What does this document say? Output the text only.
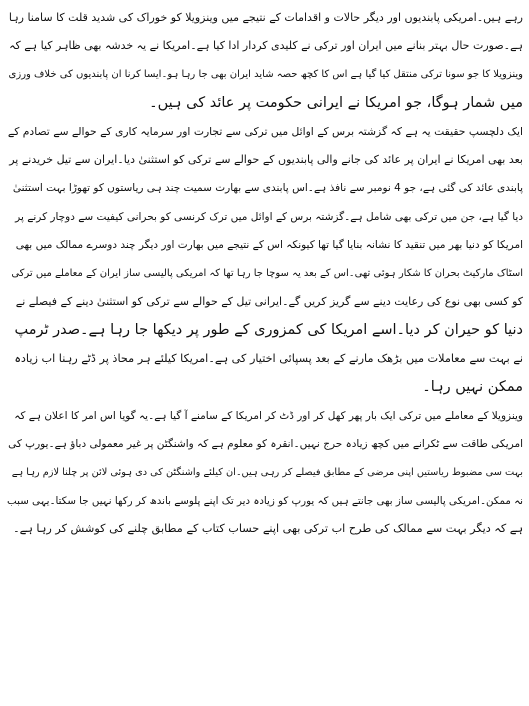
رہے ہیں۔امریکی پابندیوں اور دیگر حالات و اقدامات کے نتیجے میں وینزویلا کو خوراک کی شدید قلت کا سامنا رہا
ہے۔صورت حال بہتر بنانے میں ایران اور ترکی نے کلیدی کردار ادا کیا ہے۔امریکا نے یہ خدشہ بھی ظاہر کیا ہے کہ
وینزویلا کا جو سونا ترکی منتقل کیا گیا ہے اس کا کچھ حصہ شاید ایران بھی جا رہا ہو۔ایسا کرنا ان پابندیوں کی خلاف ورزی
میں شمار ہوگا، جو امریکا نے ایرانی حکومت پر عائد کی ہیں۔
ایک دلچسپ حقیقت یہ ہے کہ گزشتہ برس کے اوائل میں ترکی سے تجارت اور سرمایہ کاری کے حوالے سے تصادم کے
بعد بھی امریکا نے ایران پر عائد کی جانے والی پابندیوں کے حوالے سے ترکی کو استثنیٰ دیا۔ایران سے تیل خریدنے پر
پابندی عائد کی گئی ہے، جو 4 نومبر سے نافذ ہے۔اس پابندی سے بھارت سمیت چند ہی ریاستوں کو تھوڑا بہت استثنیٰ
دیا گیا ہے، جن میں ترکی بھی شامل ہے۔گزشتہ برس کے اوائل میں ترک کرنسی کو بحرانی کیفیت سے دوچار کرنے پر
امریکا کو دنیا بھر میں تنقید کا نشانہ بنایا گیا تھا کیونکہ اس کے نتیجے میں بھارت اور دیگر چند دوسرے ممالک میں بھی
اسٹاک مارکیٹ بحران کا شکار ہوئی تھی۔اس کے بعد یہ سوچا جا رہا تھا کہ امریکی پالیسی ساز ایران کے معاملے میں ترکی
کو کسی بھی نوع کی رعایت دینے سے گریز کریں گے۔ایرانی تیل کے حوالے سے ترکی کو استثنیٰ دینے کے فیصلے نے
دنیا کو حیران کر دیا۔اسے امریکا کی کمزوری کے طور پر دیکھا جا رہا ہے۔صدر ٹرمپ
نے بہت سے معاملات میں بڑھک مارنے کے بعد پسپائی اختیار کی ہے۔امریکا کیلئے ہر محاذ پر ڈٹے رہنا اب زیادہ
ممکن نہیں رہا۔
وینزویلا کے معاملے میں ترکی ایک بار پھر کھل کر اور ڈٹ کر امریکا کے سامنے آ گیا ہے۔یہ گویا اس امر کا اعلان ہے کہ
امریکی طاقت سے ٹکرانے میں کچھ زیادہ حرج نہیں۔انقرہ کو معلوم ہے کہ واشنگٹن پر غیر معمولی دباؤ ہے۔یورپ کی
بہت سی مضبوط ریاستیں اپنی مرضی کے مطابق فیصلے کر رہی ہیں۔ان کیلئے واشنگٹن کی دی ہوئی لائن پر چلنا لازم رہا ہے
نہ ممکن۔امریکی پالیسی ساز بھی جانتے ہیں کہ یورپ کو زیادہ دیر تک اپنے پلوسے باندھ کر رکھا نہیں جا سکتا۔یہی سبب
ہے کہ دیگر بہت سے ممالک کی طرح اب ترکی بھی اپنے حساب کتاب کے مطابق چلنے کی کوشش کر رہا ہے۔
